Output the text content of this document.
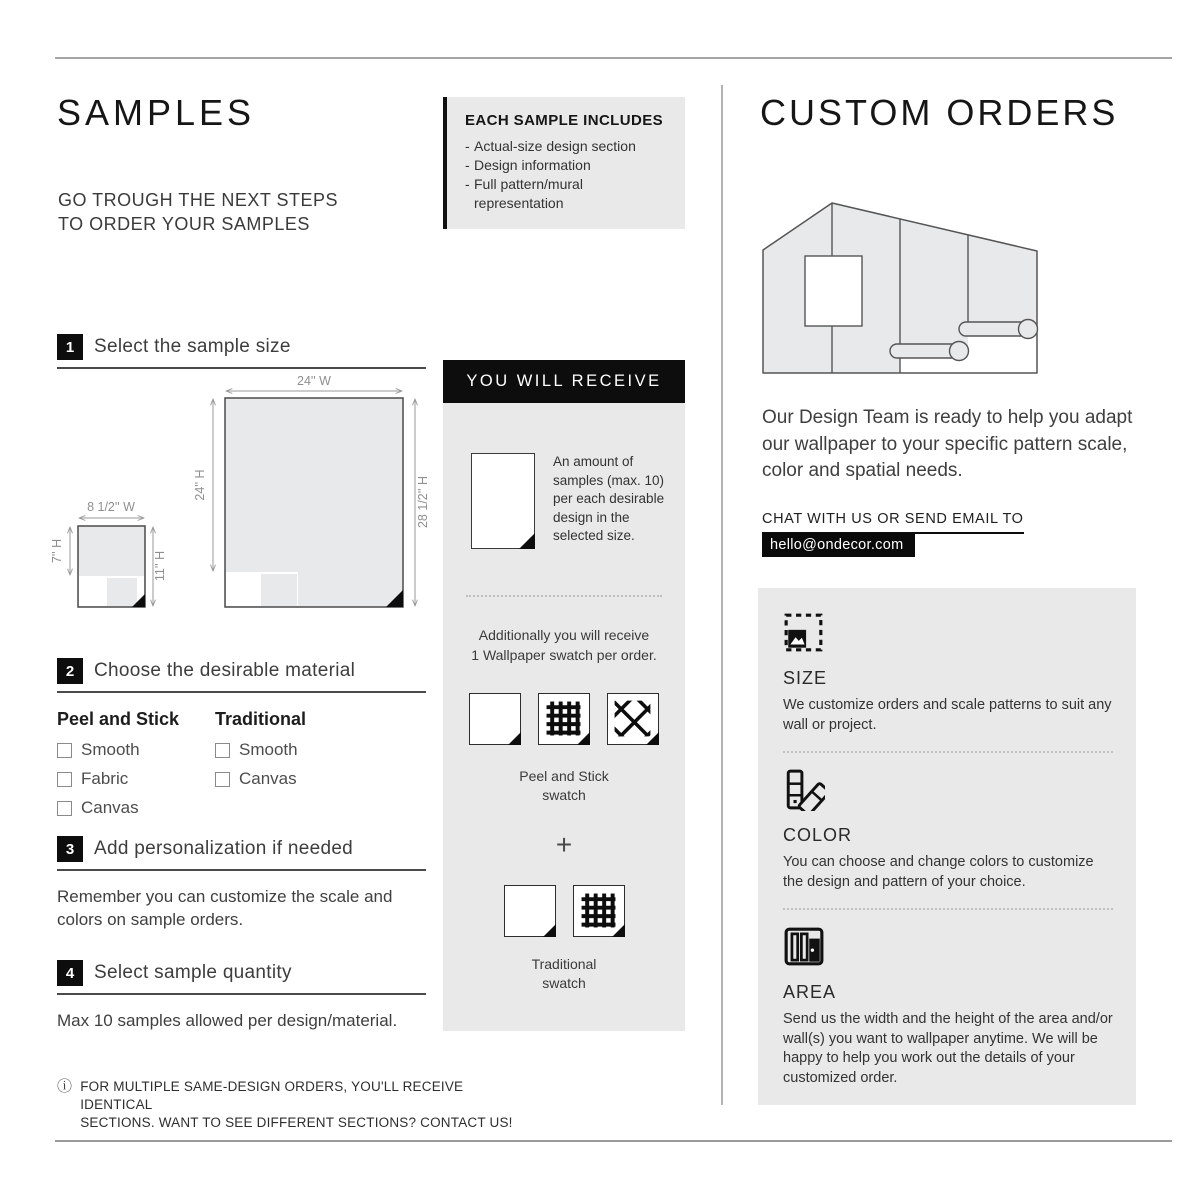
SAMPLES
GO TROUGH THE NEXT STEPS
TO ORDER YOUR SAMPLES
1	Select the sample size
24'' W
24'' H	28 1/2'' H
8 1/2'' W
7'' H	11'' H
2	Choose the desirable material
Peel and Stick
Smooth
Fabric
Canvas
Traditional
Smooth
Canvas
3	Add personalization if needed
Remember you can customize the scale and colors on sample orders.
4	Select sample quantity
Max 10 samples allowed per design/material.
ⓘ FOR MULTIPLE SAME-DESIGN ORDERS, YOU'LL RECEIVE IDENTICAL
SECTIONS. WANT TO SEE DIFFERENT SECTIONS? CONTACT US!
EACH SAMPLE INCLUDES
- Actual-size design section
- Design information
- Full pattern/mural representation
YOU WILL RECEIVE
An amount of samples (max. 10) per each desirable design in the selected size.
Additionally you will receive
1 Wallpaper swatch per order.
Peel and Stick
swatch
+
Traditional
swatch
CUSTOM ORDERS
Our Design Team is ready to help you adapt our wallpaper to your specific pattern scale, color and spatial needs.
CHAT WITH US OR SEND EMAIL TO
hello@ondecor.com
SIZE
We customize orders and scale patterns to suit any wall or project.
COLOR
You can choose and change colors to customize the design and pattern of your choice.
AREA
Send us the width and the height of the area and/or wall(s) you want to wallpaper anytime. We will be happy to help you work out the details of your customized order.
